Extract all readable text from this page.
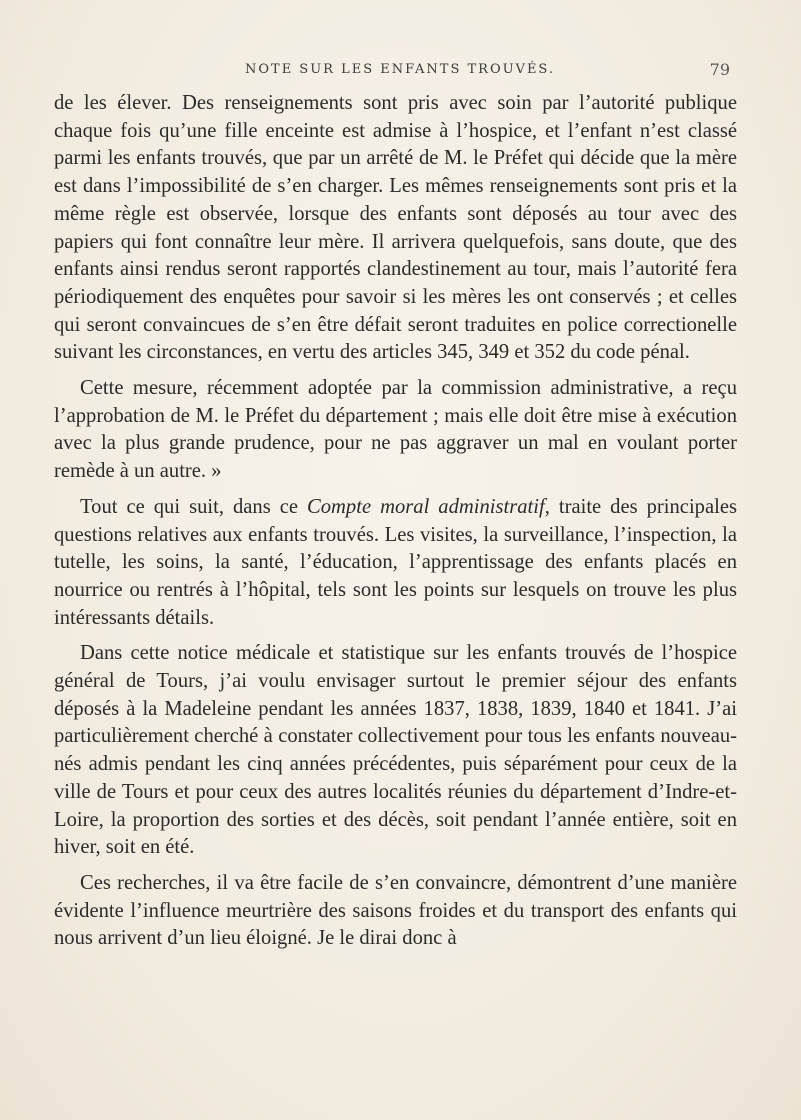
NOTE SUR LES ENFANTS TROUVÉS.	79

de les élever. Des renseignements sont pris avec soin par l’autorité publique chaque fois qu’une fille enceinte est admise à l’hospice, et l’enfant n’est classé parmi les enfants trouvés, que par un arrêté de M. le Préfet qui décide que la mère est dans l’impossibilité de s’en charger. Les mêmes renseignements sont pris et la même règle est observée, lorsque des enfants sont déposés au tour avec des papiers qui font connaître leur mère. Il arrivera quelquefois, sans doute, que des enfants ainsi rendus seront rapportés clandestinement au tour, mais l’autorité fera périodiquement des enquêtes pour savoir si les mères les ont conservés ; et celles qui seront convaincues de s’en être défait seront traduites en police correctionelle suivant les circonstances, en vertu des articles 345, 349 et 352 du code pénal.

Cette mesure, récemment adoptée par la commission administrative, a reçu l’approbation de M. le Préfet du département ; mais elle doit être mise à exécution avec la plus grande prudence, pour ne pas aggraver un mal en voulant porter remède à un autre. »

Tout ce qui suit, dans ce Compte moral administratif, traite des principales questions relatives aux enfants trouvés. Les visites, la surveillance, l’inspection, la tutelle, les soins, la santé, l’éducation, l’apprentissage des enfants placés en nourrice ou rentrés à l’hôpital, tels sont les points sur lesquels on trouve les plus intéressants détails.

Dans cette notice médicale et statistique sur les enfants trouvés de l’hospice général de Tours, j’ai voulu envisager surtout le premier séjour des enfants déposés à la Madeleine pendant les années 1837, 1838, 1839, 1840 et 1841. J’ai particulièrement cherché à constater collectivement pour tous les enfants nouveau-nés admis pendant les cinq années précédentes, puis séparément pour ceux de la ville de Tours et pour ceux des autres localités réunies du département d’Indre-et-Loire, la proportion des sorties et des décès, soit pendant l’année entière, soit en hiver, soit en été.

Ces recherches, il va être facile de s’en convaincre, démontrent d’une manière évidente l’influence meurtrière des saisons froides et du transport des enfants qui nous arrivent d’un lieu éloigné. Je le dirai donc à
